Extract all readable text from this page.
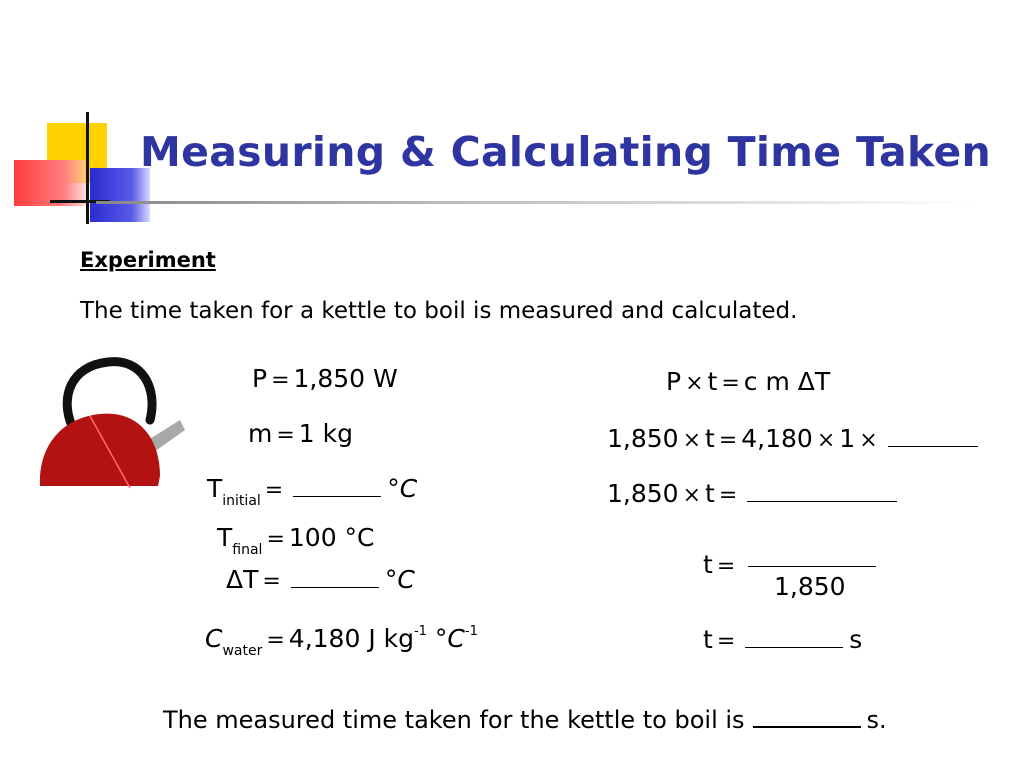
Measuring & Calculating Time Taken
Experiment
The time taken for a kettle to boil is measured and calculated.
P = 1,850 W
m = 1 kg
$T_{initial}$ =	°C
$T_{final} = 100$ °C
ΔT =	°C
$C_{water} = 4,180$ J $kg^{-1}$ $^\circ C^{-1}$
P × t = c m ΔT
1,850 × t = 4,180 × 1 ×
1,850 × t =
t =
1,850
t =	s
The measured time taken for the kettle to boil is	s.
